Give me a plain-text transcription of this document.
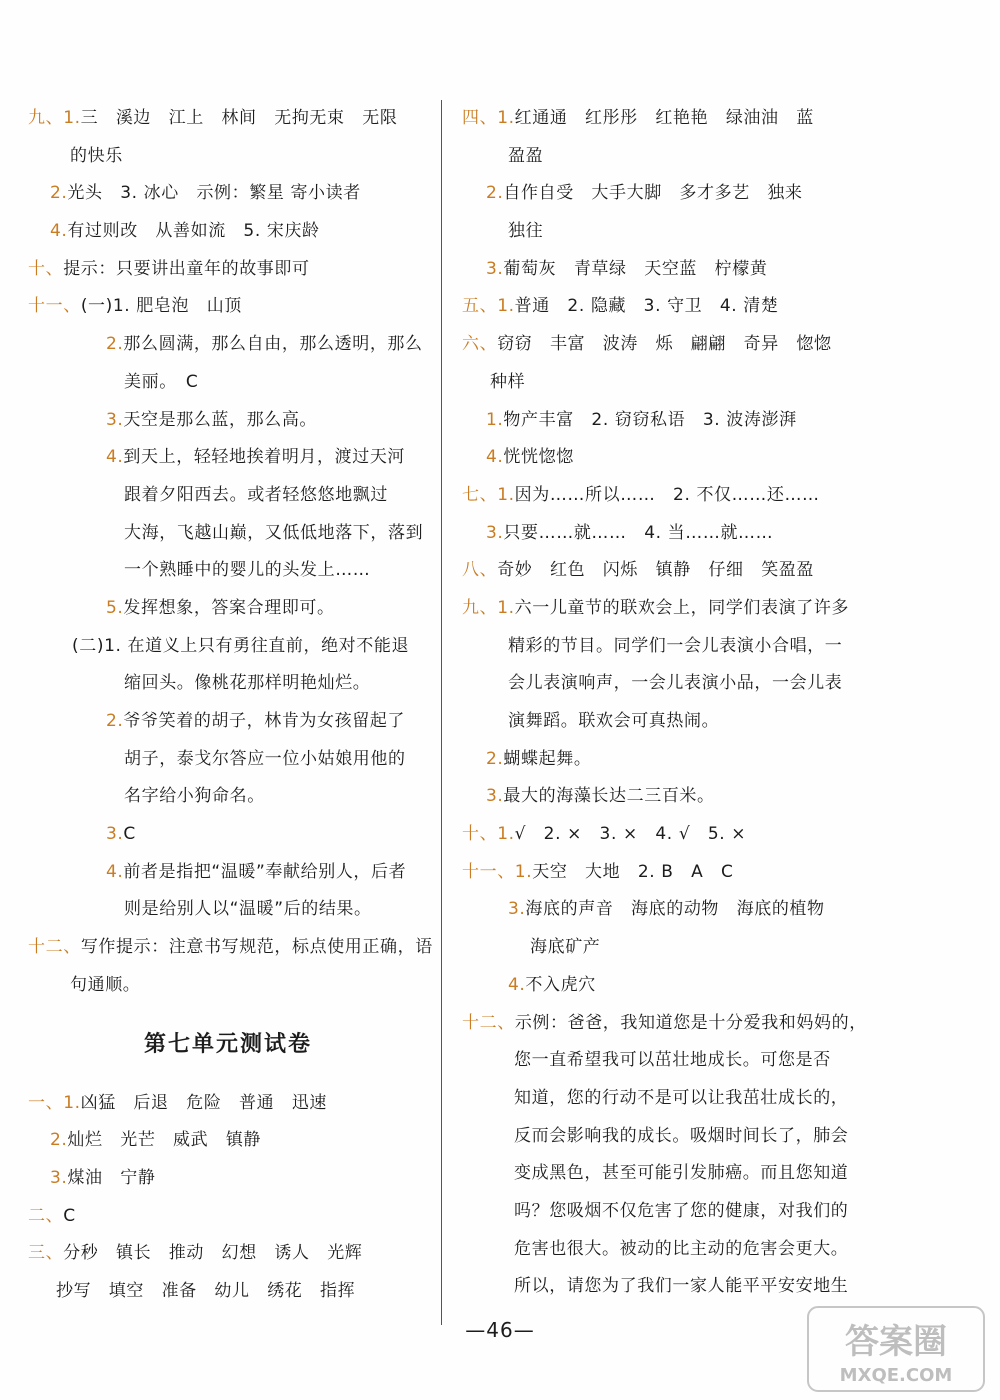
九、1.三　溪边　江上　林间　无拘无束　无限
的快乐
2.光头　3. 冰心　示例：繁星 寄小读者
4.有过则改　从善如流　5. 宋庆龄
十、提示：只要讲出童年的故事即可
十一、(一)1. 肥皂泡　山顶
2.那么圆满，那么自由，那么透明，那么
美丽。　C
3.天空是那么蓝，那么高。
4.到天上，轻轻地挨着明月，渡过天河
跟着夕阳西去。或者轻悠悠地飘过
大海，飞越山巅，又低低地落下，落到
一个熟睡中的婴儿的头发上……
5.发挥想象，答案合理即可。
(二)1. 在道义上只有勇往直前，绝对不能退
缩回头。像桃花那样明艳灿烂。
2.爷爷笑着的胡子，林肯为女孩留起了
胡子，泰戈尔答应一位小姑娘用他的
名字给小狗命名。
3.C
4.前者是指把“温暖”奉献给别人，后者
则是给别人以“温暖”后的结果。
十二、写作提示：注意书写规范，标点使用正确，语
句通顺。
第七单元测试卷
一、1.凶猛　后退　危险　普通　迅速
2.灿烂　光芒　威武　镇静
3.煤油　宁静
二、C
三、分秒　镇长　推动　幻想　诱人　光辉
抄写　填空　准备　幼儿　绣花　指挥
四、1.红通通　红彤彤　红艳艳　绿油油　蓝
盈盈
2.自作自受　大手大脚　多才多艺　独来
独往
3.葡萄灰　青草绿　天空蓝　柠檬黄
五、1.普通　2. 隐藏　3. 守卫　4. 清楚
六、窃窃　丰富　波涛　烁　翩翩　奇异　惚惚
种样
1.物产丰富　2. 窃窃私语　3. 波涛澎湃
4.恍恍惚惚
七、1.因为……所以……　2. 不仅……还……
3.只要……就……　4. 当……就……
八、奇妙　红色　闪烁　镇静　仔细　笑盈盈
九、1.六一儿童节的联欢会上，同学们表演了许多
精彩的节目。同学们一会儿表演小合唱，一
会儿表演响声，一会儿表演小品，一会儿表
演舞蹈。联欢会可真热闹。
2.蝴蝶起舞。
3.最大的海藻长达二三百米。
十、1.√　2. ×　3. ×　4. √　5. ×
十一、1.天空　大地　2. B　A　C
3.海底的声音　海底的动物　海底的植物
海底矿产
4.不入虎穴
十二、示例：爸爸，我知道您是十分爱我和妈妈的，
您一直希望我可以茁壮地成长。可您是否
知道，您的行动不是可以让我茁壮成长的，
反而会影响我的成长。吸烟时间长了，肺会
变成黑色，甚至可能引发肺癌。而且您知道
吗？您吸烟不仅危害了您的健康，对我们的
危害也很大。被动的比主动的危害会更大。
所以，请您为了我们一家人能平平安安地生
—46—	答案圈
MXQE.COM
